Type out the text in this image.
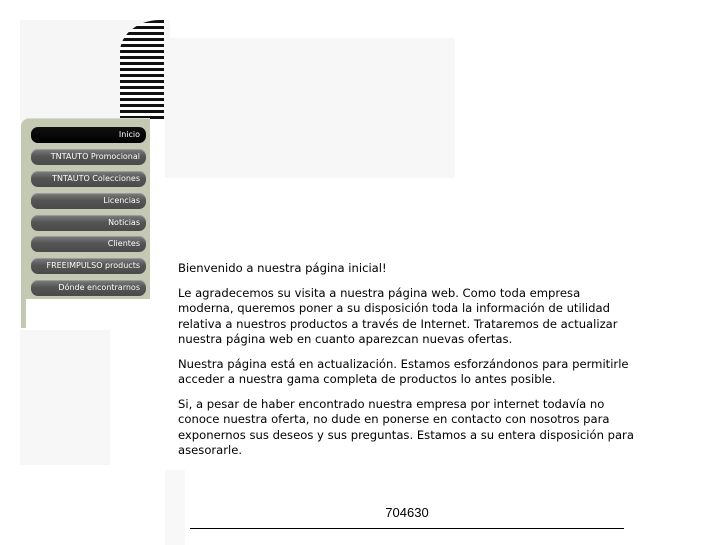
Inicio
TNTAUTO Promocional
TNTAUTO Colecciones
Licencias
Noticias
Clientes
FREEIMPULSO products
Dónde encontrarnos

Bienvenido a nuestra página inicial!

Le agradecemos su visita a nuestra página web. Como toda empresa moderna, queremos poner a su disposición toda la información de utilidad relativa a nuestros productos a través de Internet. Trataremos de actualizar nuestra página web en cuanto aparezcan nuevas ofertas.

Nuestra página está en actualización. Estamos esforzándonos para permitirle acceder a nuestra gama completa de productos lo antes posible.

Si, a pesar de haber encontrado nuestra empresa por internet todavía no conoce nuestra oferta, no dude en ponerse en contacto con nosotros para exponernos sus deseos y sus preguntas. Estamos a su entera disposición para asesorarle.

704630
